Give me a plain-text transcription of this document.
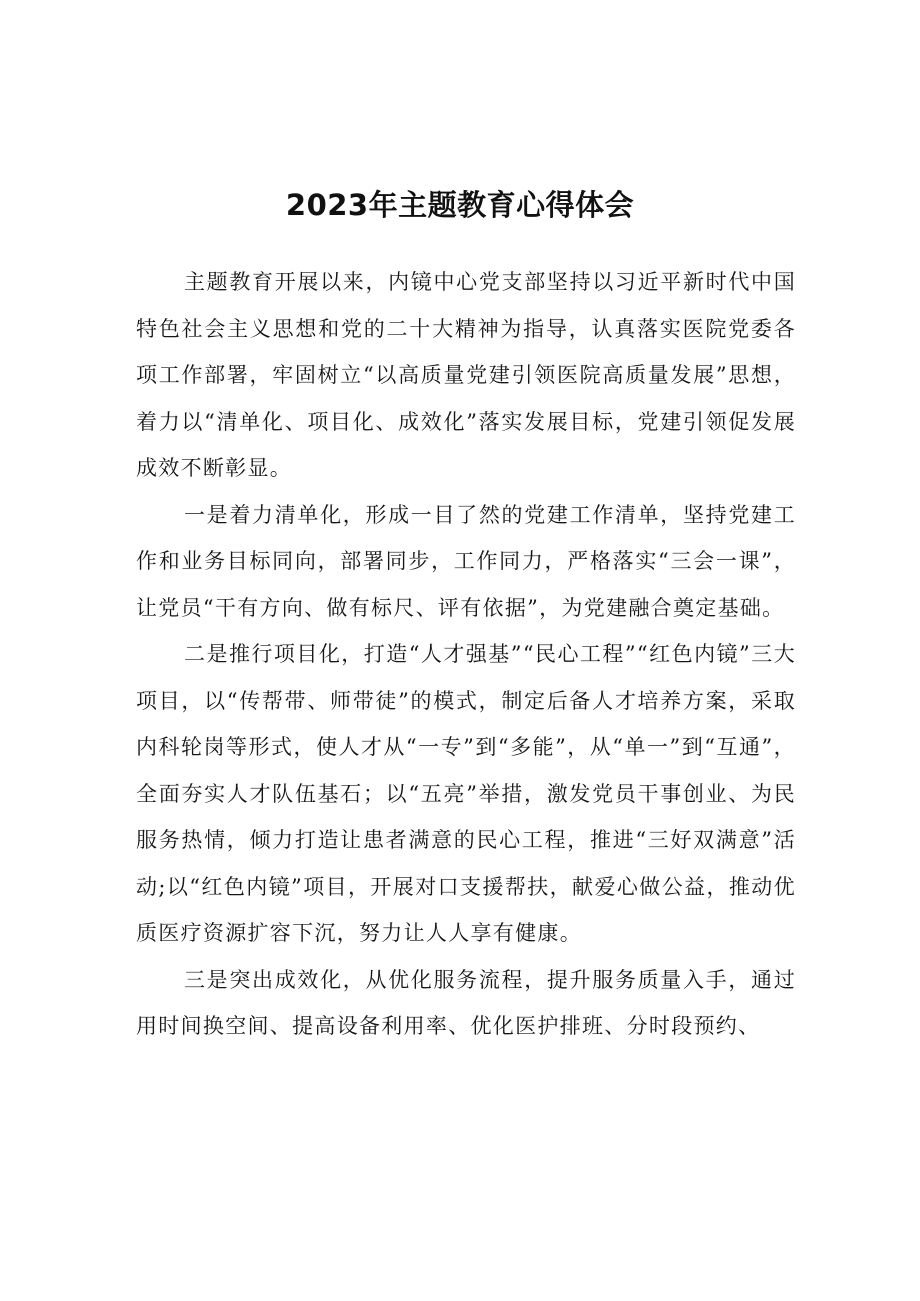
2023年主题教育心得体会

主题教育开展以来，内镜中心党支部坚持以习近平新时代中国特色社会主义思想和党的二十大精神为指导，认真落实医院党委各项工作部署，牢固树立“以高质量党建引领医院高质量发展”思想，着力以“清单化、项目化、成效化”落实发展目标，党建引领促发展成效不断彰显。

一是着力清单化，形成一目了然的党建工作清单，坚持党建工作和业务目标同向，部署同步，工作同力，严格落实“三会一课”，让党员“干有方向、做有标尺、评有依据”，为党建融合奠定基础。

二是推行项目化，打造“人才强基”“民心工程”“红色内镜”三大项目，以“传帮带、师带徒”的模式，制定后备人才培养方案，采取内科轮岗等形式，使人才从“一专”到“多能”，从“单一”到“互通”，全面夯实人才队伍基石；以“五亮”举措，激发党员干事创业、为民服务热情，倾力打造让患者满意的民心工程，推进“三好双满意”活动;以“红色内镜”项目，开展对口支援帮扶，献爱心做公益，推动优质医疗资源扩容下沉，努力让人人享有健康。

三是突出成效化，从优化服务流程，提升服务质量入手，通过用时间换空间、提高设备利用率、优化医护排班、分时段预约、
